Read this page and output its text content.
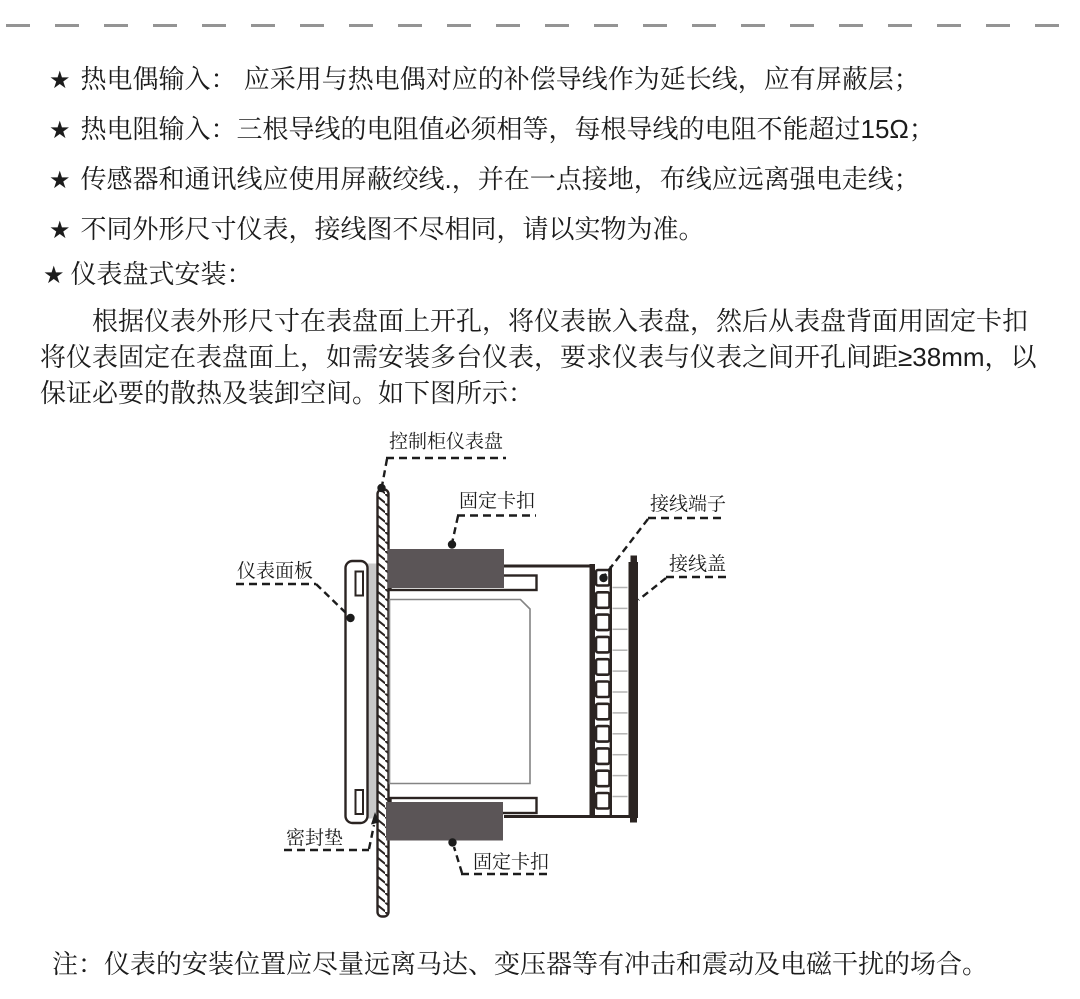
★ 热电偶输入： 应采用与热电偶对应的补偿导线作为延长线，应有屏蔽层；
★ 热电阻输入：三根导线的电阻值必须相等，每根导线的电阻不能超过15Ω；
★ 传感器和通讯线应使用屏蔽绞线.，并在一点接地，布线应远离强电走线；
★ 不同外形尺寸仪表，接线图不尽相同，请以实物为准。
★ 仪表盘式安装：
根据仪表外形尺寸在表盘面上开孔，将仪表嵌入表盘，然后从表盘背面用固定卡扣将仪表固定在表盘面上，如需安装多台仪表，要求仪表与仪表之间开孔间距≥38mm，以保证必要的散热及装卸空间。如下图所示：
控制柜仪表盘
固定卡扣	接线端子
接线盖
仪表面板
密封垫
固定卡扣
注：仪表的安装位置应尽量远离马达、变压器等有冲击和震动及电磁干扰的场合。
